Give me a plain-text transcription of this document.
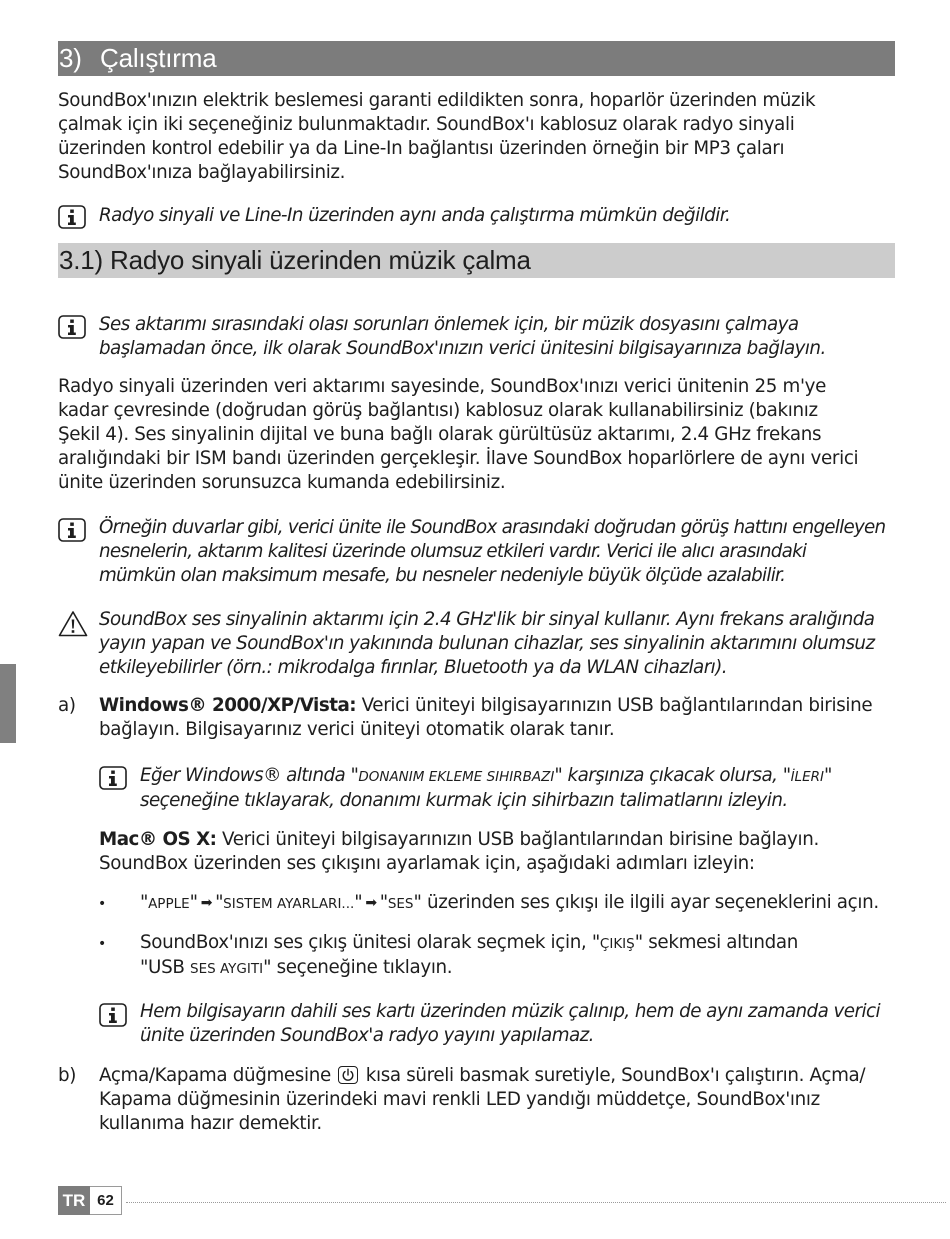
3) Çalıştırma

SoundBox'ınızın elektrik beslemesi garanti edildikten sonra, hoparlör üzerinden müzik

çalmak için iki seçeneğiniz bulunmaktadır. SoundBox'ı kablosuz olarak radyo sinyali

üzerinden kontrol edebilir ya da Line-In bağlantısı üzerinden örneğin bir MP3 çaları

SoundBox'ınıza bağlayabilirsiniz.

Radyo sinyali ve Line-In üzerinden aynı anda çalıştırma mümkün değildir.

3.1) Radyo sinyali üzerinden müzik çalma

Ses aktarımı sırasındaki olası sorunları önlemek için, bir müzik dosyasını çalmaya

başlamadan önce, ilk olarak SoundBox'ınızın verici ünitesini bilgisayarınıza bağlayın.

Radyo sinyali üzerinden veri aktarımı sayesinde, SoundBox'ınızı verici ünitenin 25 m'ye

kadar çevresinde (doğrudan görüş bağlantısı) kablosuz olarak kullanabilirsiniz (bakınız

Şekil 4). Ses sinyalinin dijital ve buna bağlı olarak gürültüsüz aktarımı, 2.4 GHz frekans

aralığındaki bir ISM bandı üzerinden gerçekleşir. İlave SoundBox hoparlörlere de aynı verici

ünite üzerinden sorunsuzca kumanda edebilirsiniz.

Örneğin duvarlar gibi, verici ünite ile SoundBox arasındaki doğrudan görüş hattını engelleyen

nesnelerin, aktarım kalitesi üzerinde olumsuz etkileri vardır. Verici ile alıcı arasındaki

mümkün olan maksimum mesafe, bu nesneler nedeniyle büyük ölçüde azalabilir.

SoundBox ses sinyalinin aktarımı için 2.4 GHz'lik bir sinyal kullanır. Aynı frekans aralığında

yayın yapan ve SoundBox'ın yakınında bulunan cihazlar, ses sinyalinin aktarımını olumsuz

etkileyebilirler (örn.: mikrodalga fırınlar, Bluetooth ya da WLAN cihazları).

a) Windows® 2000/XP/Vista: Verici üniteyi bilgisayarınızın USB bağlantılarından birisine

bağlayın. Bilgisayarınız verici üniteyi otomatik olarak tanır.

Eğer Windows® altında "DONANIM EKLEME SIHIRBAZI" karşınıza çıkacak olursa, "İLERI"

seçeneğine tıklayarak, donanımı kurmak için sihirbazın talimatlarını izleyin.

Mac® OS X: Verici üniteyi bilgisayarınızın USB bağlantılarından birisine bağlayın.

SoundBox üzerinden ses çıkışını ayarlamak için, aşağıdaki adımları izleyin:

• "APPLE" ➡ "SISTEM AYARLARI..." ➡ "SES" üzerinden ses çıkışı ile ilgili ayar seçeneklerini açın.

• SoundBox'ınızı ses çıkış ünitesi olarak seçmek için, "ÇIKIŞ" sekmesi altından

"USB SES AYGITI" seçeneğine tıklayın.

Hem bilgisayarın dahili ses kartı üzerinden müzik çalınıp, hem de aynı zamanda verici

ünite üzerinden SoundBox'a radyo yayını yapılamaz.

b) Açma/Kapama düğmesine kısa süreli basmak suretiyle, SoundBox'ı çalıştırın. Açma/

Kapama düğmesinin üzerindeki mavi renkli LED yandığı müddetçe, SoundBox'ınız

kullanıma hazır demektir.

TR 62
